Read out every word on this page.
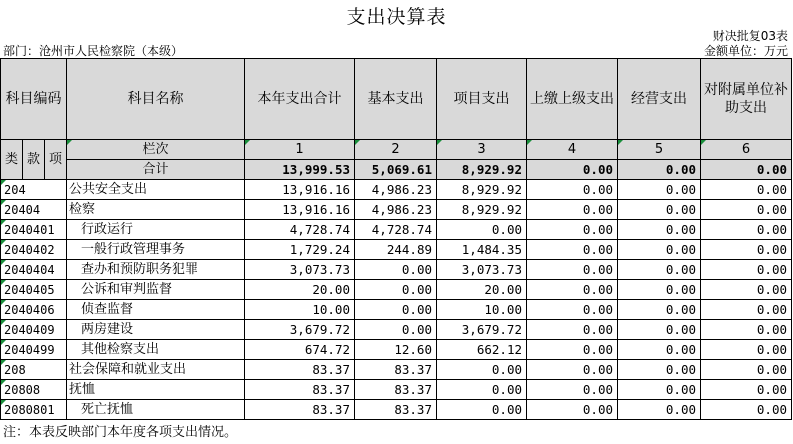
支出决算表
财决批复03表
部门：沧州市人民检察院（本级）	金额单位：万元
科目编码			科目名称	本年支出合计	基本支出	项目支出	上缴上级支出	经营支出	对附属单位补助支出
类	款	项	栏次	1	2	3	4	5	6
			合计	13,999.53	5,069.61	8,929.92	0.00	0.00	0.00
204			公共安全支出	13,916.16	4,986.23	8,929.92	0.00	0.00	0.00
20404			检察	13,916.16	4,986.23	8,929.92	0.00	0.00	0.00
2040401			行政运行	4,728.74	4,728.74	0.00	0.00	0.00	0.00
2040402			一般行政管理事务	1,729.24	244.89	1,484.35	0.00	0.00	0.00
2040404			查办和预防职务犯罪	3,073.73	0.00	3,073.73	0.00	0.00	0.00
2040405			公诉和审判监督	20.00	0.00	20.00	0.00	0.00	0.00
2040406			侦查监督	10.00	0.00	10.00	0.00	0.00	0.00
2040409			两房建设	3,679.72	0.00	3,679.72	0.00	0.00	0.00
2040499			其他检察支出	674.72	12.60	662.12	0.00	0.00	0.00
208			社会保障和就业支出	83.37	83.37	0.00	0.00	0.00	0.00
20808			抚恤	83.37	83.37	0.00	0.00	0.00	0.00
2080801			死亡抚恤	83.37	83.37	0.00	0.00	0.00	0.00
注：本表反映部门本年度各项支出情况。
